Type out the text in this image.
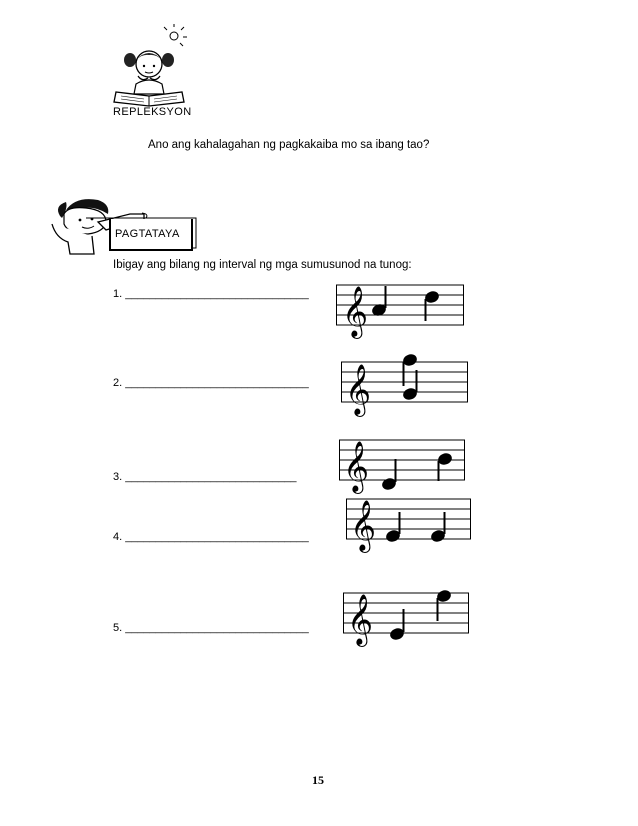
REPLEKSYON
Ano ang kahalagahan ng pagkakaiba mo sa ibang tao?
PAGTATAYA
Ibigay ang bilang ng interval ng mga sumusunod na tunog:
1. ______________________________
2. ______________________________
3. ____________________________
4. ______________________________
5. ______________________________
𝄞
𝄞
𝄞
𝄞
𝄞
15
